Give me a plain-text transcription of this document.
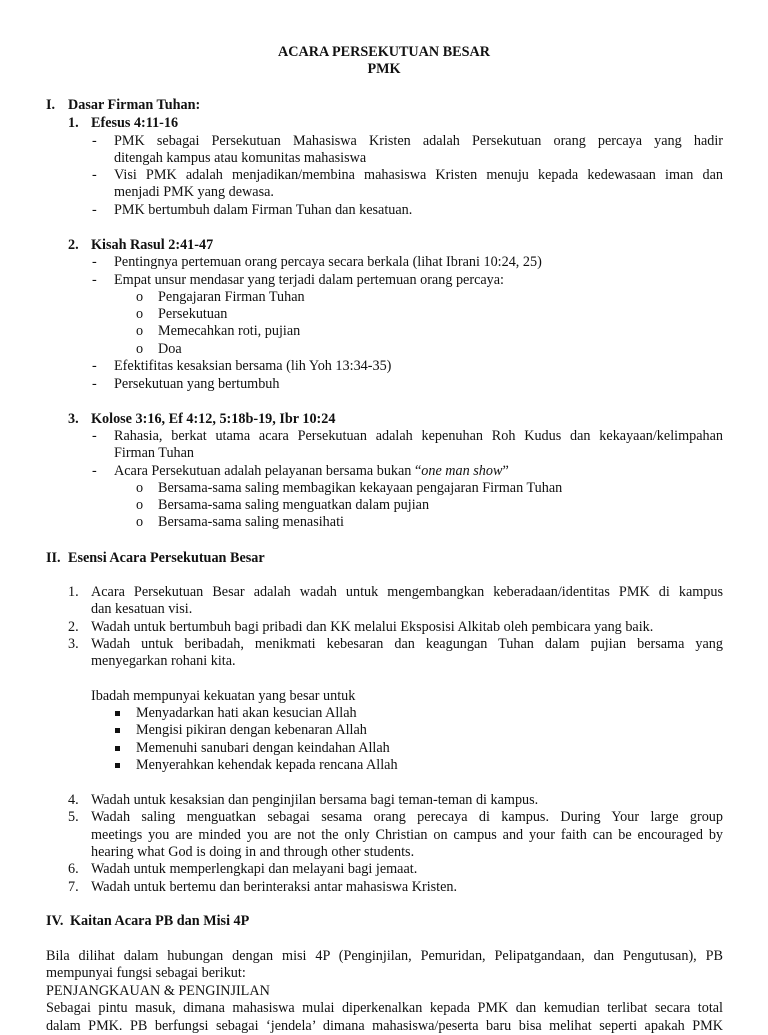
ACARA PERSEKUTUAN BESAR
PMK
I. Dasar Firman Tuhan:
1. Efesus 4:11-16
- PMK sebagai Persekutuan Mahasiswa Kristen adalah Persekutuan orang percaya yang hadir
ditengah kampus atau komunitas mahasiswa
- Visi PMK adalah menjadikan/membina mahasiswa Kristen menuju kepada kedewasaan iman dan
menjadi PMK yang dewasa.
- PMK bertumbuh dalam Firman Tuhan dan kesatuan.
2. Kisah Rasul 2:41-47
- Pentingnya pertemuan orang percaya secara berkala (lihat Ibrani 10:24, 25)
- Empat unsur mendasar yang terjadi dalam pertemuan orang percaya:
o Pengajaran Firman Tuhan
o Persekutuan
o Memecahkan roti, pujian
o Doa
- Efektifitas kesaksian bersama (lih Yoh 13:34-35)
- Persekutuan yang bertumbuh
3. Kolose 3:16, Ef 4:12, 5:18b-19, Ibr 10:24
- Rahasia, berkat utama acara Persekutuan adalah kepenuhan Roh Kudus dan kekayaan/kelimpahan
Firman Tuhan
- Acara Persekutuan adalah pelayanan bersama bukan “one man show”
o Bersama-sama saling membagikan kekayaan pengajaran Firman Tuhan
o Bersama-sama saling menguatkan dalam pujian
o Bersama-sama saling menasihati
II. Esensi Acara Persekutuan Besar
1. Acara Persekutuan Besar adalah wadah untuk mengembangkan keberadaan/identitas PMK di kampus
dan kesatuan visi.
2. Wadah untuk bertumbuh bagi pribadi dan KK melalui Eksposisi Alkitab oleh pembicara yang baik.
3. Wadah untuk beribadah, menikmati kebesaran dan keagungan Tuhan dalam pujian bersama yang
menyegarkan rohani kita.
Ibadah mempunyai kekuatan yang besar untuk
Menyadarkan hati akan kesucian Allah
Mengisi pikiran dengan kebenaran Allah
Memenuhi sanubari dengan keindahan Allah
Menyerahkan kehendak kepada rencana Allah
4. Wadah untuk kesaksian dan penginjilan bersama bagi teman-teman di kampus.
5. Wadah saling menguatkan sebagai sesama orang perecaya di kampus. During Your large group
meetings you are minded you are not the only Christian on campus and your faith can be encouraged by
hearing what God is doing in and through other students.
6. Wadah untuk memperlengkapi dan melayani bagi jemaat.
7. Wadah untuk bertemu dan berinteraksi antar mahasiswa Kristen.
IV. Kaitan Acara PB dan Misi 4P
Bila dilihat dalam hubungan dengan misi 4P (Penginjilan, Pemuridan, Pelipatgandaan, dan Pengutusan), PB
mempunyai fungsi sebagai berikut:
PENJANGKAUAN & PENGINJILAN
Sebagai pintu masuk, dimana mahasiswa mulai diperkenalkan kepada PMK dan kemudian terlibat secara total
dalam PMK. PB berfungsi sebagai ‘jendela’ dimana mahasiswa/peserta baru bisa melihat seperti apakah PMK
